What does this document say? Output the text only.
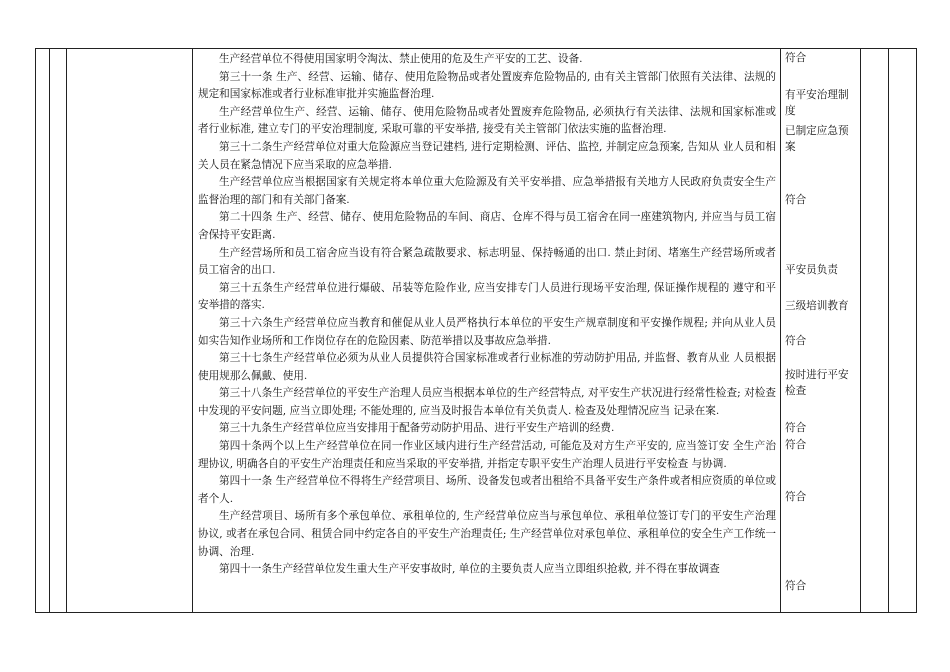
生产经营单位不得使用国家明令淘汰、禁止使用的危及生产平安的工艺、设备.

第三十一条 生产、经营、运输、储存、使用危险物品或者处置废弃危险物品的, 由有关主管部门依照有关法律、法规的规定和国家标准或者行业标准审批并实施监督治理.

生产经营单位生产、经营、运输、储存、使用危险物品或者处置废弃危险物品, 必须执行有关法律、法规和国家标准或者行业标准, 建立专门的平安治理制度, 采取可靠的平安举措, 接受有关主管部门依法实施的监督治理.

第三十二条生产经营单位对重大危险源应当登记建档, 进行定期检测、评估、监控, 并制定应急预案, 告知从 业人员和相关人员在紧急情况下应当采取的应急举措.

生产经营单位应当根据国家有关规定将本单位重大危险源及有关平安举措、应急举措报有关地方人民政府负责安全生产监督治理的部门和有关部门备案.

第二十四条 生产、经营、储存、使用危险物品的车间、商店、仓库不得与员工宿舍在同一座建筑物内, 并应当与员工宿舍保持平安距离.

生产经营场所和员工宿舍应当设有符合紧急疏散要求、标志明显、保持畅通的出口. 禁止封闭、堵塞生产经营场所或者员工宿舍的出口.

第三十五条生产经营单位进行爆破、吊装等危险作业, 应当安排专门人员进行现场平安治理, 保证操作规程的 遵守和平安举措的落实.

第三十六条生产经营单位应当教育和催促从业人员严格执行本单位的平安生产规章制度和平安操作规程; 并向从业人员如实告知作业场所和工作岗位存在的危险因素、防范举措以及事故应急举措.

第三十七条生产经营单位必须为从业人员提供符合国家标准或者行业标准的劳动防护用品, 并监督、教育从业 人员根据使用规那么佩戴、使用.

第三十八条生产经营单位的平安生产治理人员应当根据本单位的生产经营特点, 对平安生产状况进行经常性检查; 对检查中发现的平安问题, 应当立即处理; 不能处理的, 应当及时报告本单位有关负责人. 检查及处理情况应当 记录在案.

第三十九条生产经营单位应当安排用于配备劳动防护用品、进行平安生产培训的经费.

第四十条两个以上生产经营单位在同一作业区域内进行生产经营活动, 可能危及对方生产平安的, 应当签订安 全生产治理协议, 明确各自的平安生产治理责任和应当采取的平安举措, 并指定专职平安生产治理人员进行平安检查 与协调.

第四十一条 生产经营单位不得将生产经营项目、场所、设备发包或者出租给不具备平安生产条件或者相应资质的单位或者个人.

生产经营项目、场所有多个承包单位、承租单位的, 生产经营单位应当与承包单位、承租单位签订专门的平安生产治理协议, 或者在承包合同、租赁合同中约定各自的平安生产治理责任; 生产经营单位对承包单位、承租单位的安全生产工作统一协调、治理.

第四十一条生产经营单位发生重大生产平安事故时, 单位的主要负责人应当立即组织抢救, 并不得在事故调查

符合
有平安治理制度
已制定应急预案
符合
平安员负责
三级培训教育
符合
按时进行平安检查
符合
符合
符合
符合
